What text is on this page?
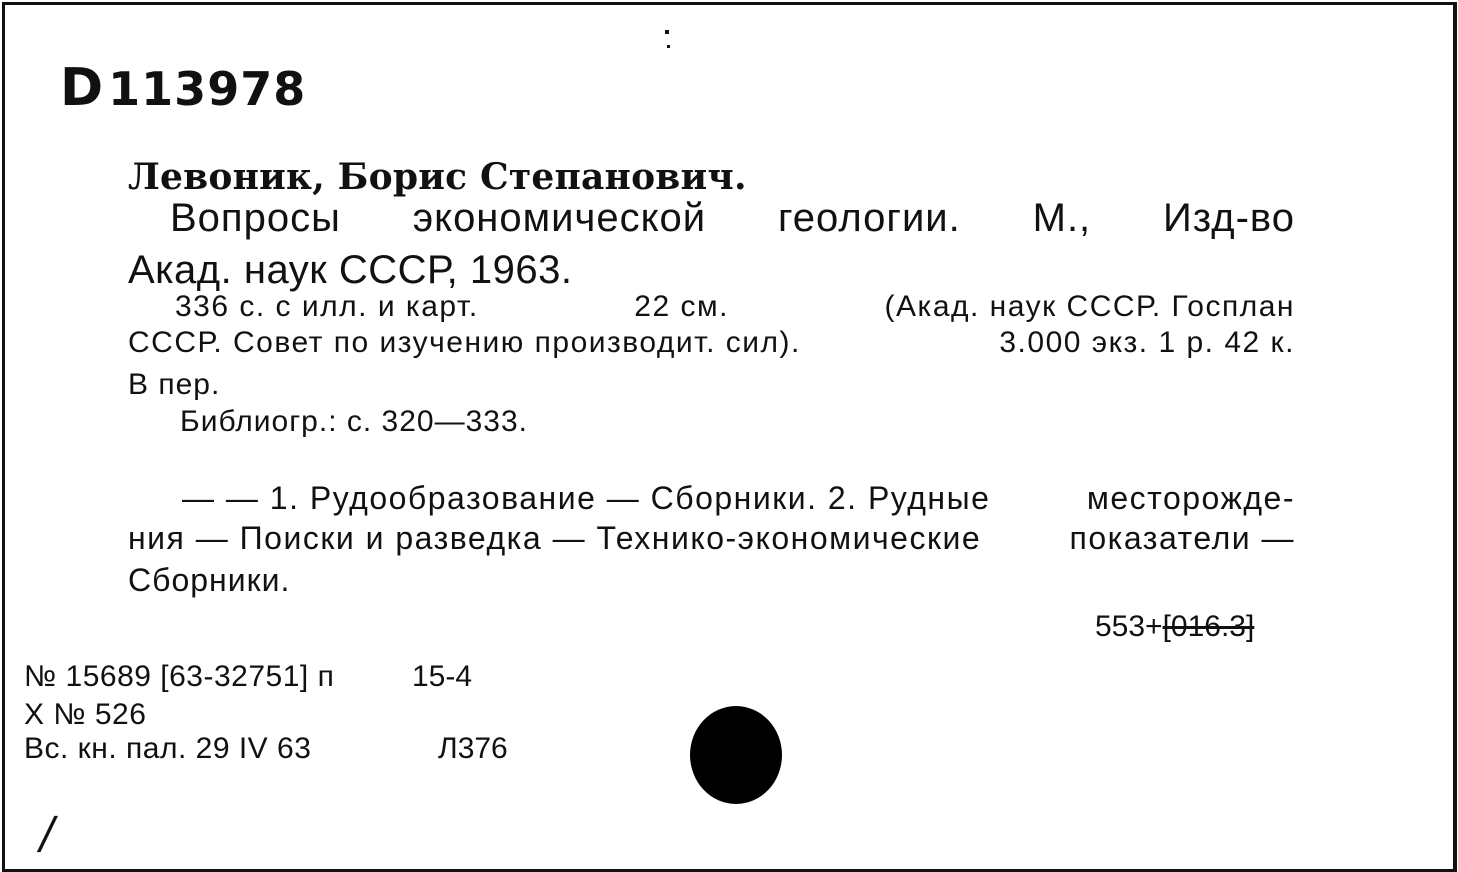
D113978
Левоник, Борис Степанович.
Вопросы экономической геологии. М., Изд-во
Акад. наук СССР, 1963.
336 с. с илл. и карт.	22 см.	(Акад. наук СССР. Госплан
СССР. Совет по изучению производит. сил).	3.000 экз. 1 р. 42 к.
В пер.
Библиогр.: с. 320—333.
— — 1. Рудообразование — Сборники. 2. Рудные	месторожде-
ния — Поиски и разведка — Технико-экономические	показатели —
Сборники.
553+[016.3]
№ 15689 [63-32751] п	15-4
Х № 526
Вс. кн. пал. 29 IV 63	Л376
/
